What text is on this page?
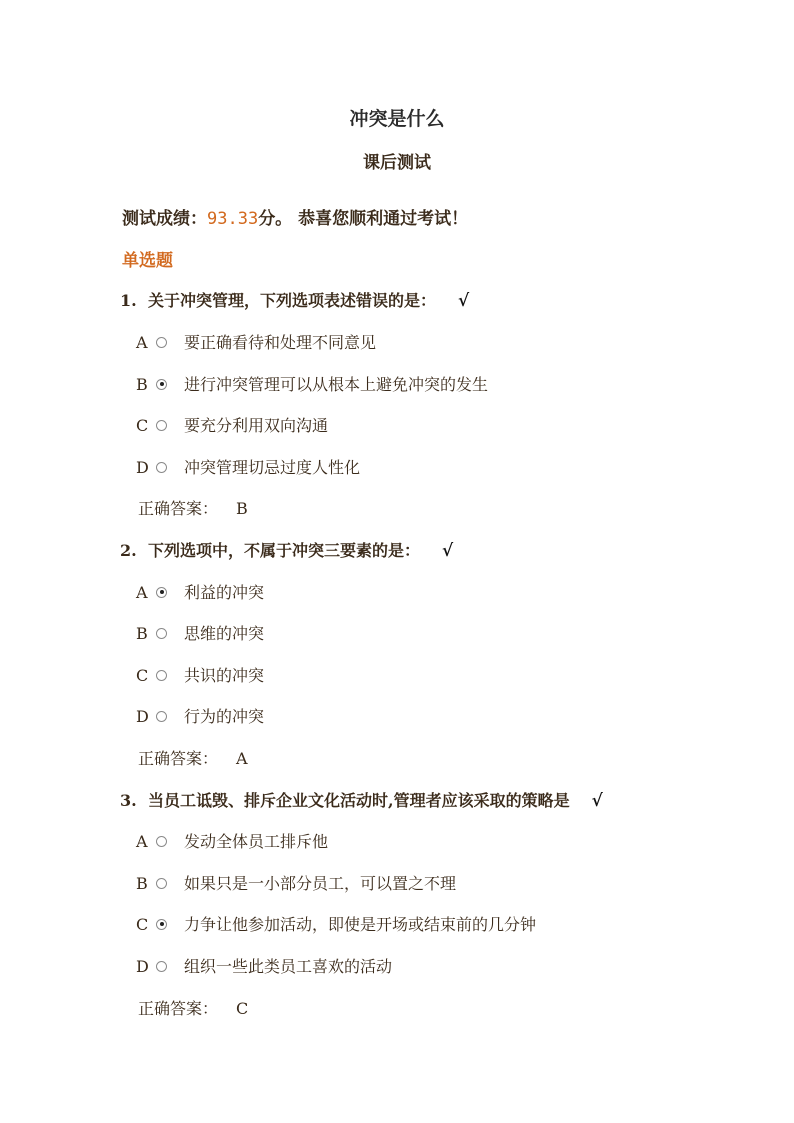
冲突是什么
课后测试
测试成绩：93.33分。 恭喜您顺利通过考试！
单选题
1. 关于冲突管理，下列选项表述错误的是： √
A 要正确看待和处理不同意见
B 进行冲突管理可以从根本上避免冲突的发生
C 要充分利用双向沟通
D 冲突管理切忌过度人性化
正确答案： B
2. 下列选项中，不属于冲突三要素的是： √
A 利益的冲突
B 思维的冲突
C 共识的冲突
D 行为的冲突
正确答案： A
3. 当员工诋毁、排斥企业文化活动时,管理者应该采取的策略是 √
A 发动全体员工排斥他
B 如果只是一小部分员工，可以置之不理
C 力争让他参加活动，即使是开场或结束前的几分钟
D 组织一些此类员工喜欢的活动
正确答案： C
